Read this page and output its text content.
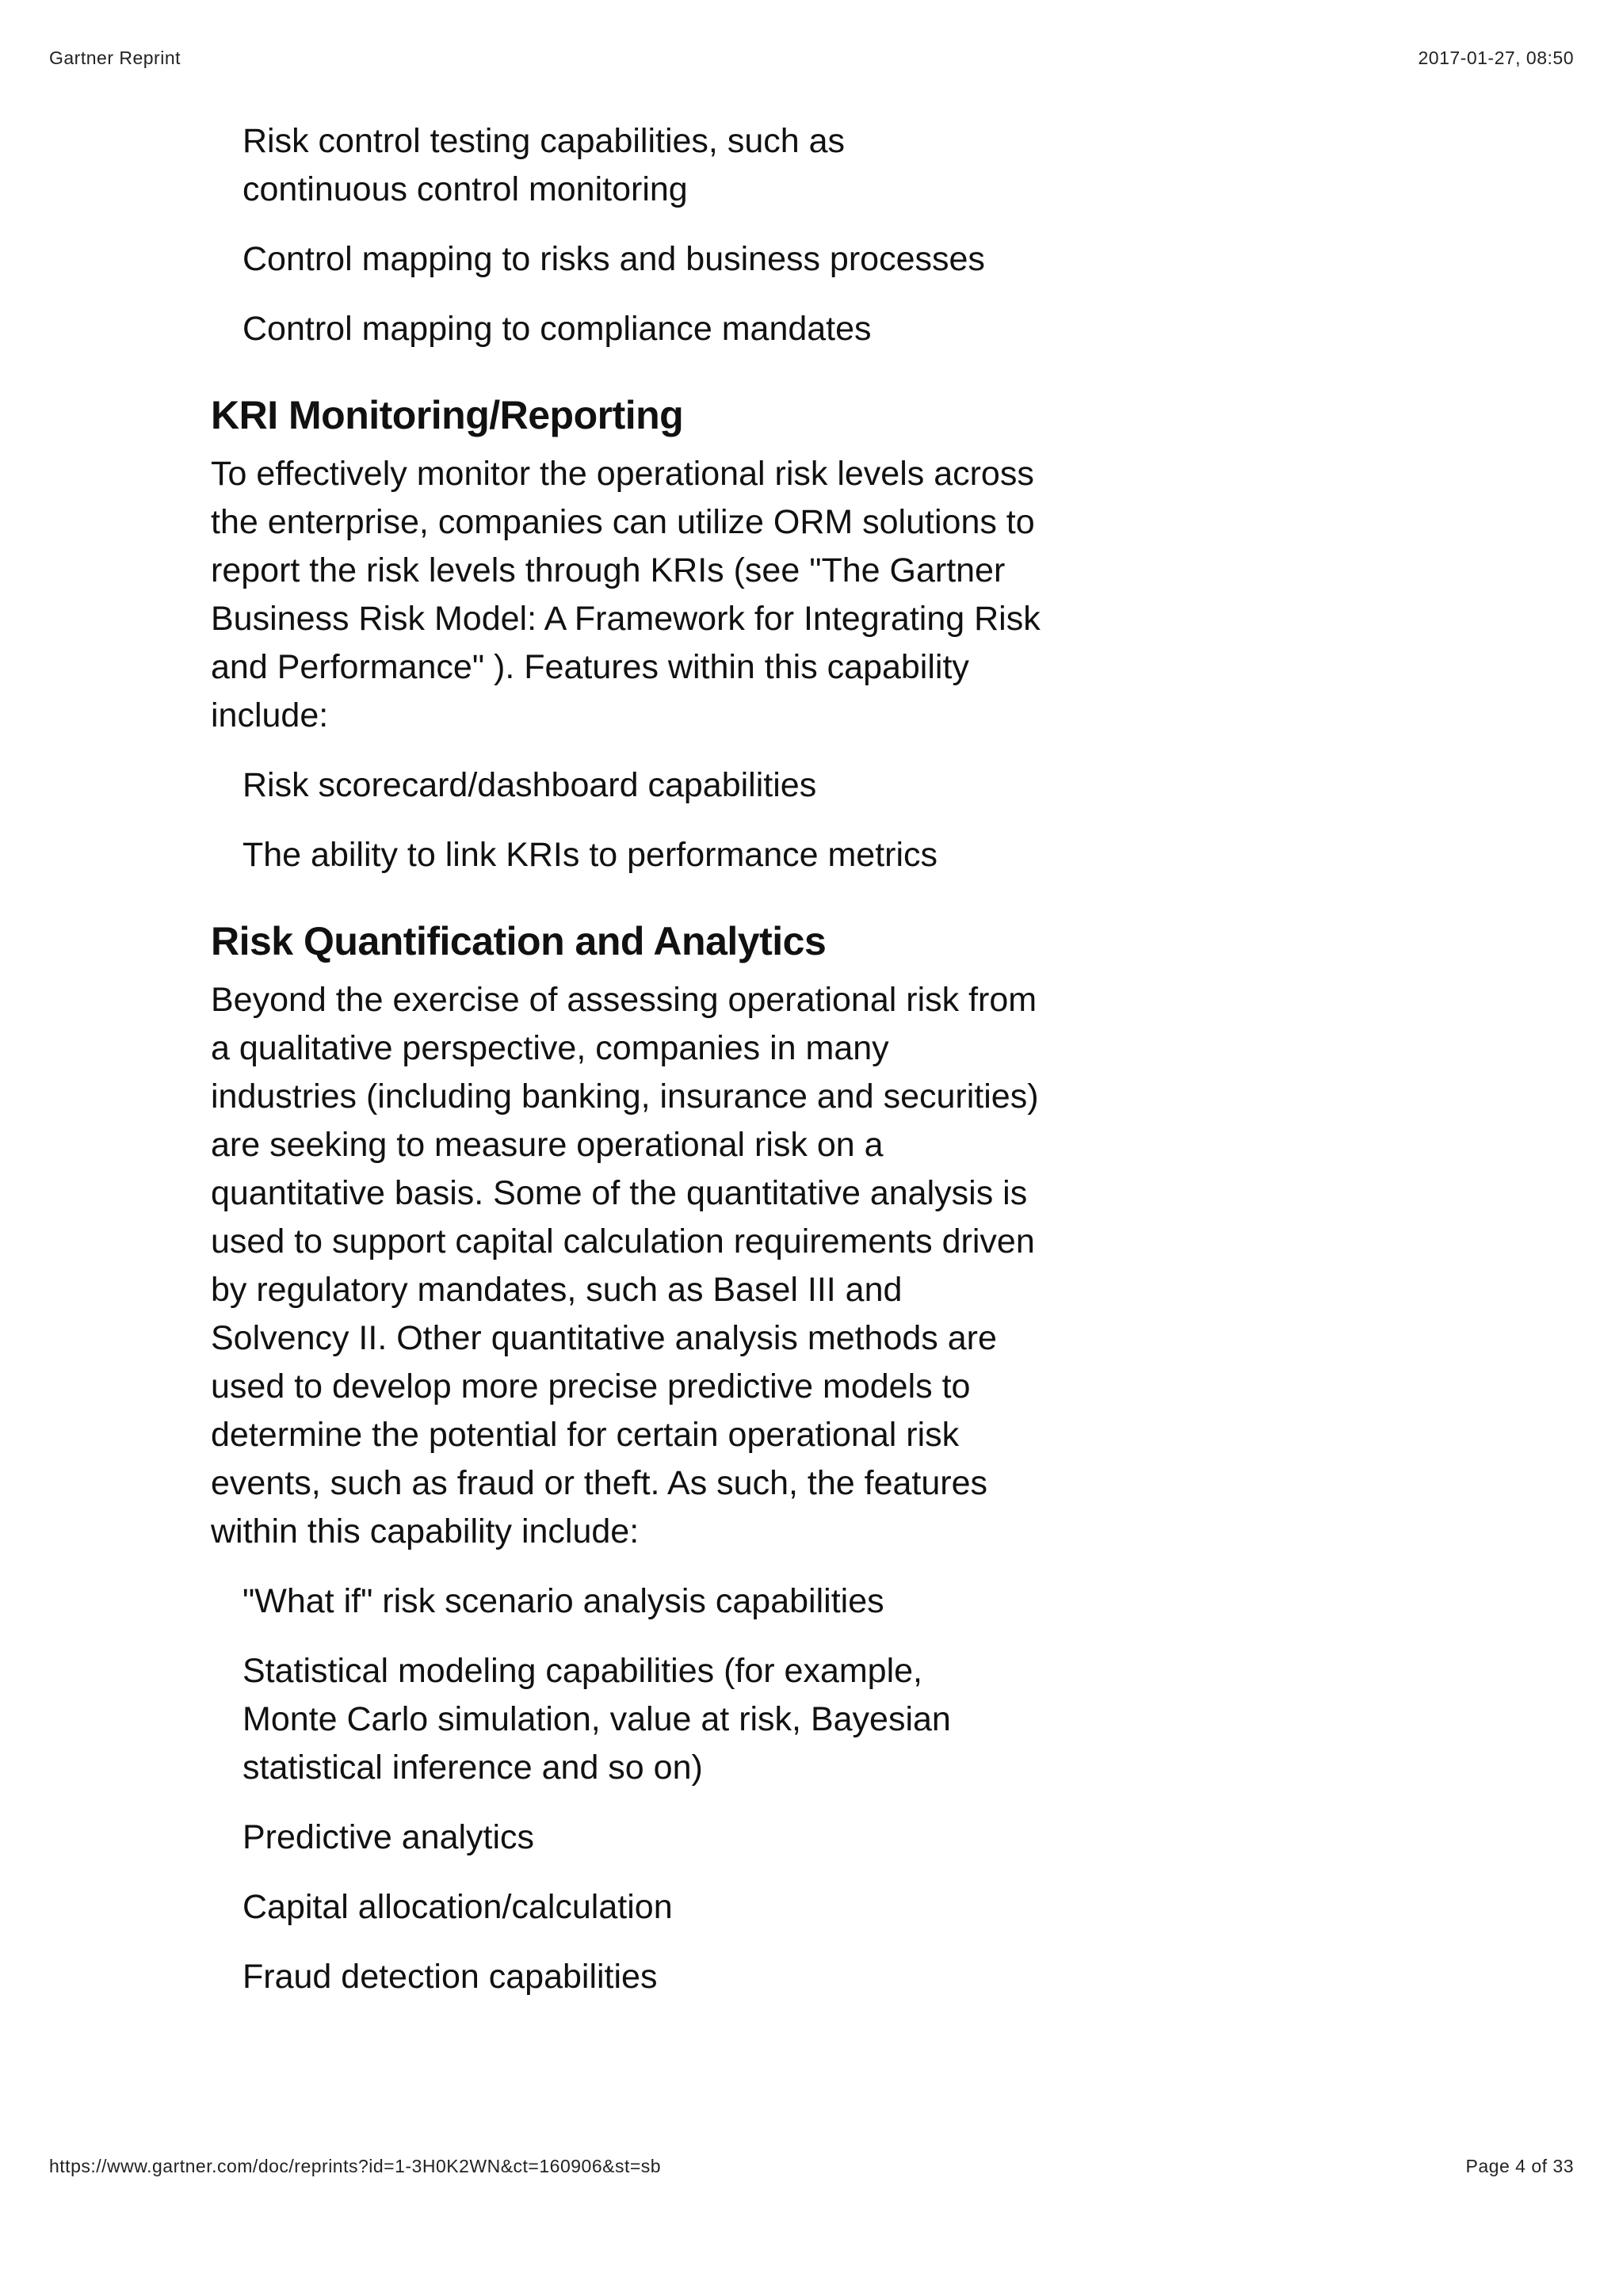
Gartner Reprint	2017-01-27, 08:50
Risk control testing capabilities, such as continuous control monitoring
Control mapping to risks and business processes
Control mapping to compliance mandates
KRI Monitoring/Reporting

To effectively monitor the operational risk levels across the enterprise, companies can utilize ORM solutions to report the risk levels through KRIs (see "The Gartner Business Risk Model: A Framework for Integrating Risk and Performance" ). Features within this capability include:

Risk scorecard/dashboard capabilities
The ability to link KRIs to performance metrics
Risk Quantification and Analytics

Beyond the exercise of assessing operational risk from a qualitative perspective, companies in many industries (including banking, insurance and securities) are seeking to measure operational risk on a quantitative basis. Some of the quantitative analysis is used to support capital calculation requirements driven by regulatory mandates, such as Basel III and Solvency II. Other quantitative analysis methods are used to develop more precise predictive models to determine the potential for certain operational risk events, such as fraud or theft. As such, the features within this capability include:

"What if" risk scenario analysis capabilities
Statistical modeling capabilities (for example, Monte Carlo simulation, value at risk, Bayesian statistical inference and so on)
Predictive analytics
Capital allocation/calculation
Fraud detection capabilities
https://www.gartner.com/doc/reprints?id=1-3H0K2WN&ct=160906&st=sb	Page 4 of 33
